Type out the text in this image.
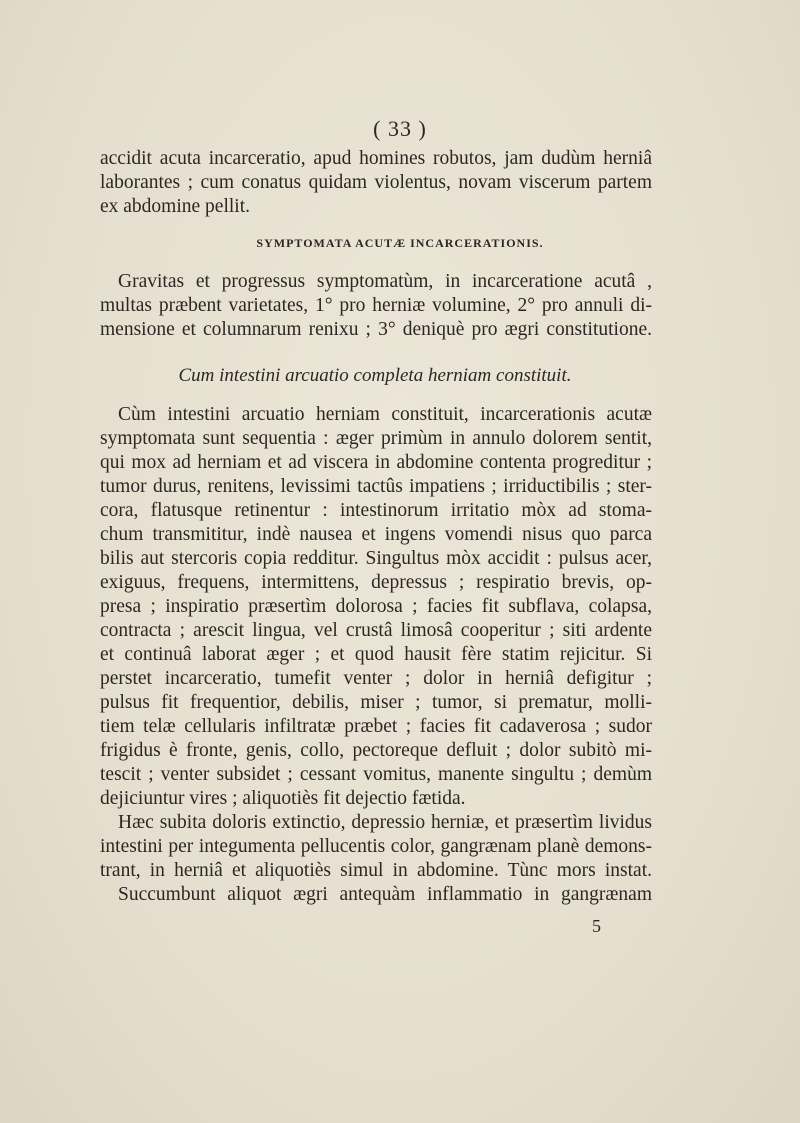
( 33 )
accidit acuta incarceratio, apud homines robutos, jam dudùm herniâ
laborantes ; cum conatus quidam violentus, novam viscerum partem
ex abdomine pellit.
SYMPTOMATA ACUTÆ INCARCERATIONIS.
Gravitas et progressus symptomatùm, in incarceratione acutâ ,
multas præbent varietates, 1° pro herniæ volumine, 2° pro annuli di-
mensione et columnarum renixu ; 3° deniquè pro ægri constitutione.
Cum intestini arcuatio completa herniam constituit.
Cùm intestini arcuatio herniam constituit, incarcerationis acutæ
symptomata sunt sequentia : æger primùm in annulo dolorem sentit,
qui mox ad herniam et ad viscera in abdomine contenta progreditur ;
tumor durus, renitens, levissimi tactûs impatiens ; irriductibilis ; ster-
cora, flatusque retinentur : intestinorum irritatio mòx ad stoma-
chum transmititur, indè nausea et ingens vomendi nisus quo parca
bilis aut stercoris copia redditur. Singultus mòx accidit : pulsus acer,
exiguus, frequens, intermittens, depressus ; respiratio brevis, op-
presa ; inspiratio præsertìm dolorosa ; facies fit subflava, colapsa,
contracta ; arescit lingua, vel crustâ limosâ cooperitur ; siti ardente
et continuâ laborat æger ; et quod hausit fère statim rejicitur. Si
perstet incarceratio, tumefit venter ; dolor in herniâ defigitur ;
pulsus fit frequentior, debilis, miser ; tumor, si prematur, molli-
tiem telæ cellularis infiltratæ præbet ; facies fit cadaverosa ; sudor
frigidus è fronte, genis, collo, pectoreque defluit ; dolor subitò mi-
tescit ; venter subsidet ; cessant vomitus, manente singultu ; demùm
dejiciuntur vires ; aliquotiès fit dejectio fætida.
Hæc subita doloris extinctio, depressio herniæ, et præsertìm lividus
intestini per integumenta pellucentis color, gangrænam planè demons-
trant, in herniâ et aliquotiès simul in abdomine. Tùnc mors instat.
Succumbunt aliquot ægri antequàm inflammatio in gangrænam
5
